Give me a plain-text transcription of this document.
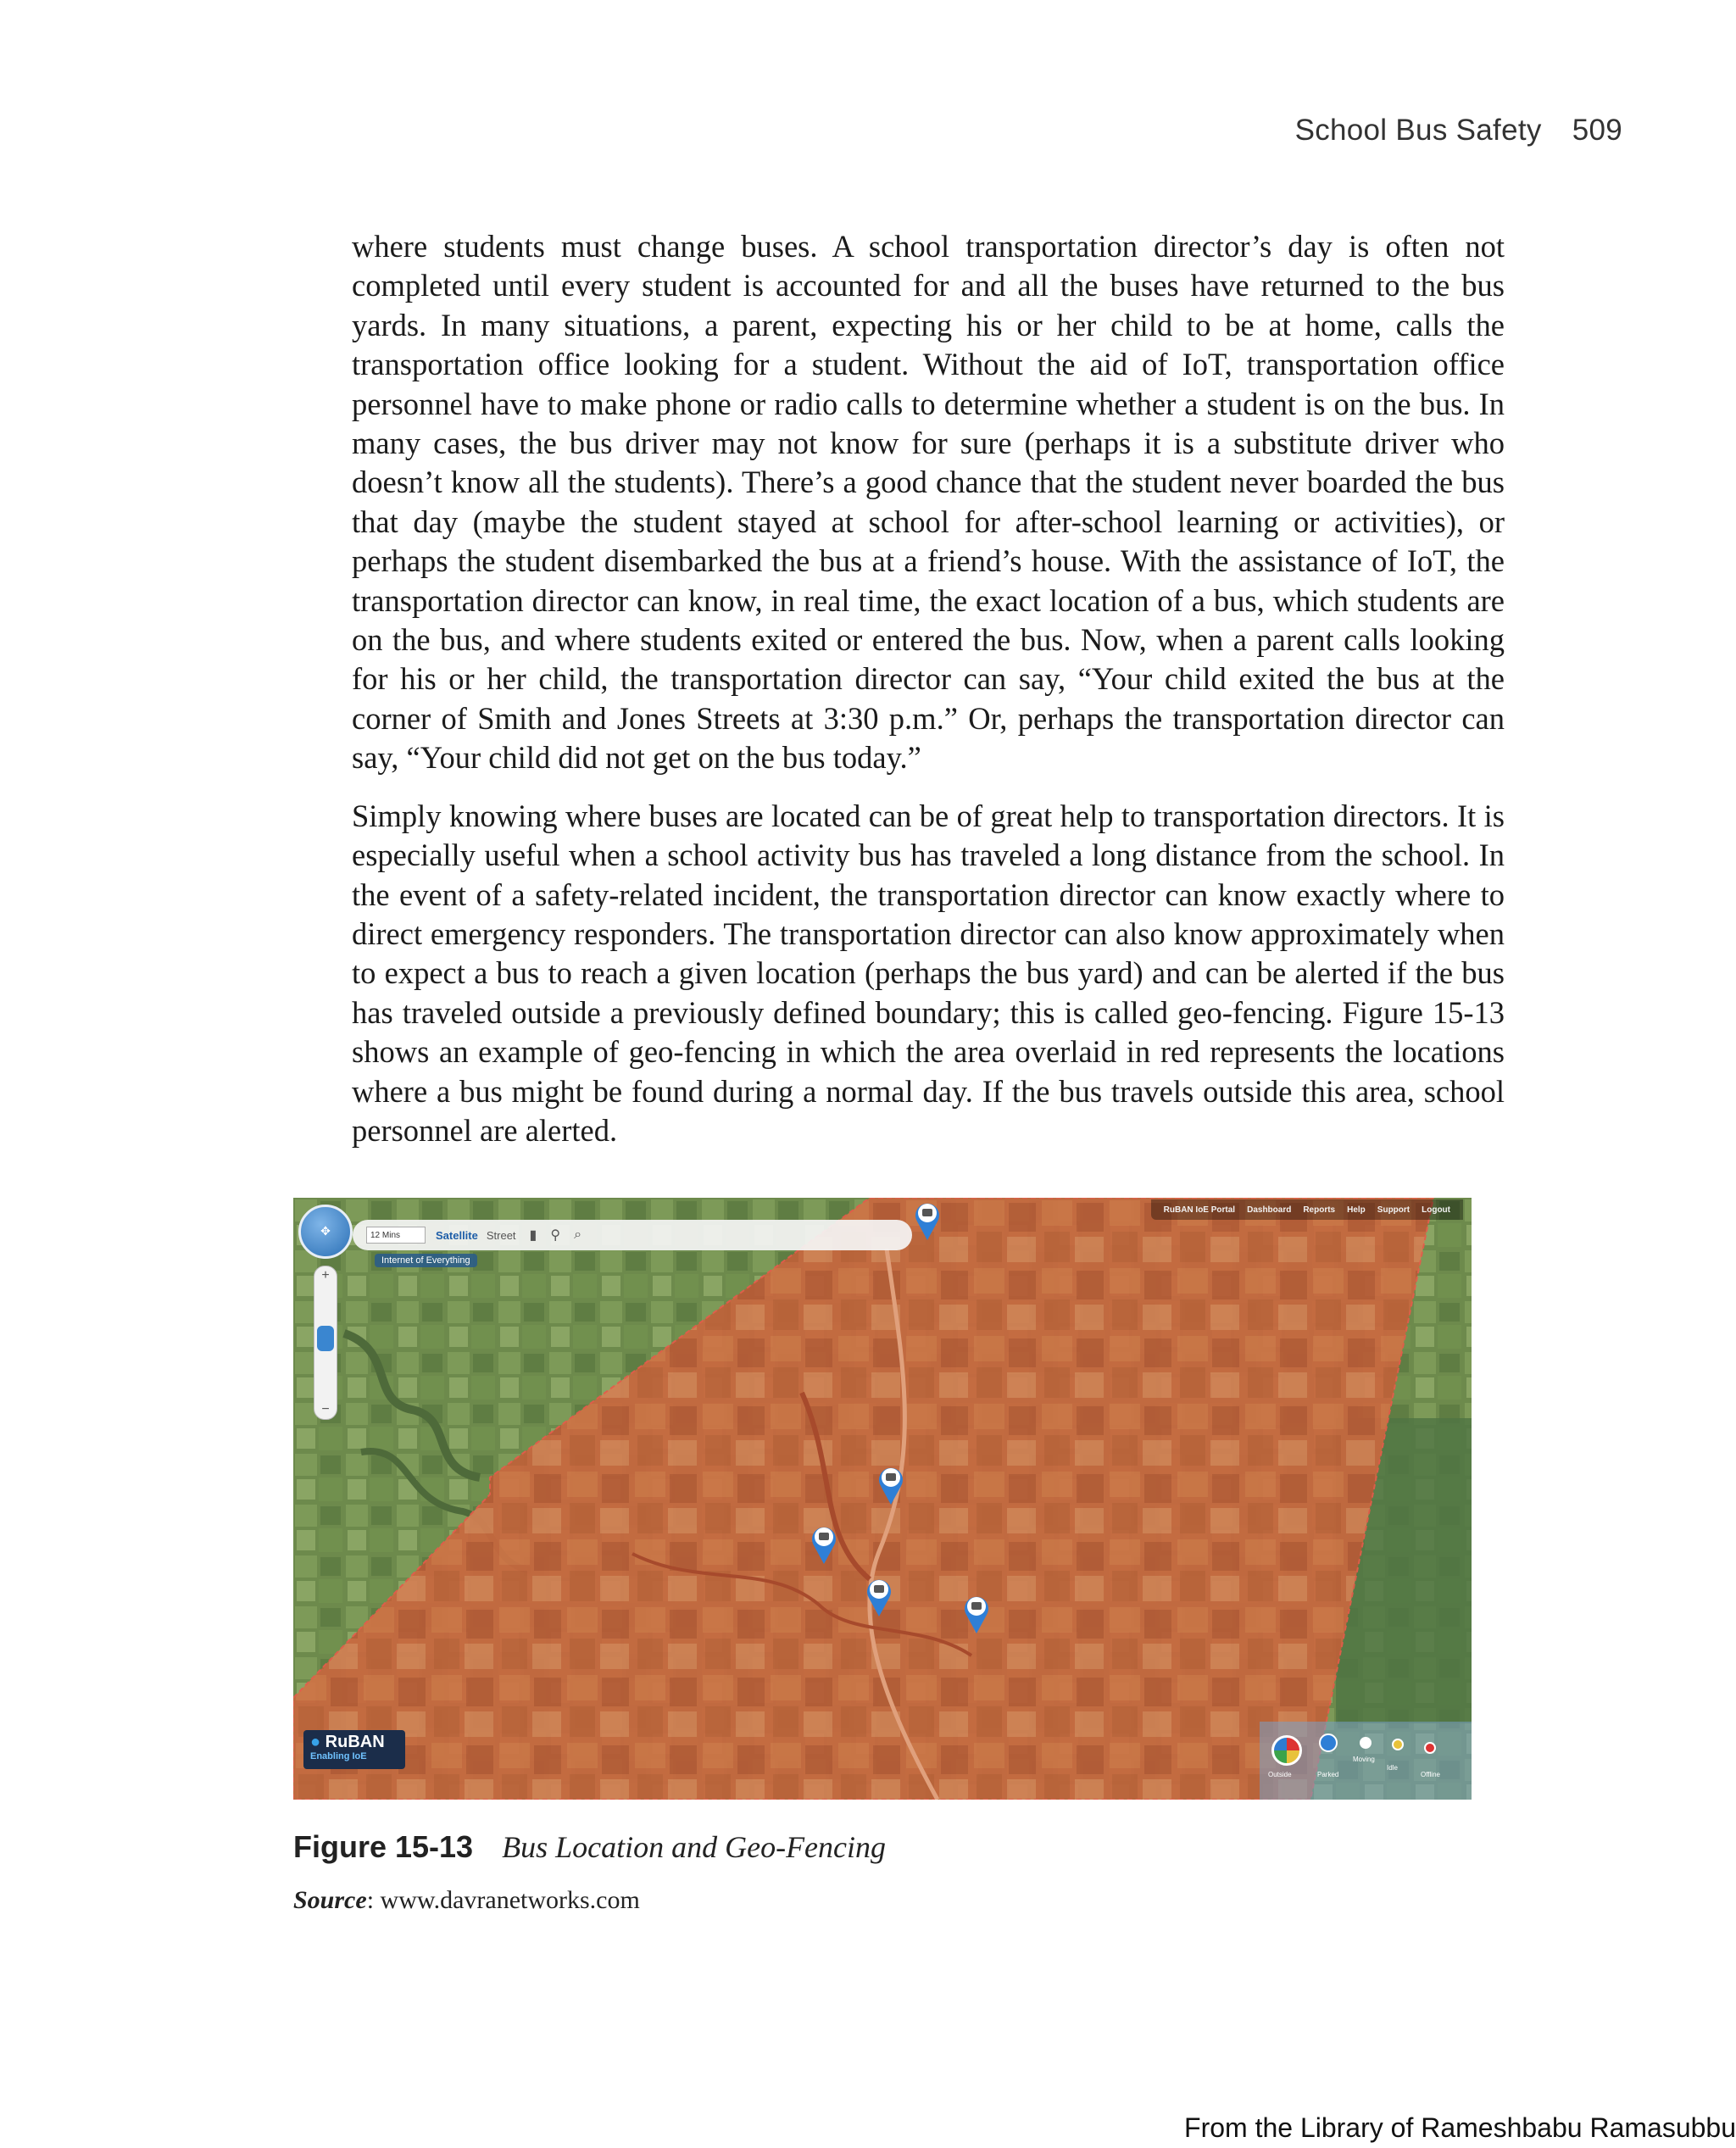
School Bus Safety 509

where students must change buses. A school transportation director’s day is often not completed until every student is accounted for and all the buses have returned to the bus yards. In many situations, a parent, expecting his or her child to be at home, calls the transportation office looking for a student. Without the aid of IoT, transportation office personnel have to make phone or radio calls to determine whether a student is on the bus. In many cases, the bus driver may not know for sure (perhaps it is a substitute driver who doesn’t know all the students). There’s a good chance that the student never boarded the bus that day (maybe the student stayed at school for after-school learning or activities), or perhaps the student disembarked the bus at a friend’s house. With the assistance of IoT, the transportation director can know, in real time, the exact location of a bus, which students are on the bus, and where students exited or entered the bus. Now, when a parent calls looking for his or her child, the transportation director can say, “Your child exited the bus at the corner of Smith and Jones Streets at 3:30 p.m.” Or, perhaps the transportation director can say, “Your child did not get on the bus today.”

Simply knowing where buses are located can be of great help to transportation directors. It is especially useful when a school activity bus has traveled a long distance from the school. In the event of a safety-related incident, the transportation director can know exactly where to direct emergency responders. The transportation director can also know approximately when to expect a bus to reach a given location (perhaps the bus yard) and can be alerted if the bus has traveled outside a previously defined boundary; this is called geo-fencing. Figure 15-13 shows an example of geo-fencing in which the area overlaid in red represents the locations where a bus might be found during a normal day. If the bus travels outside this area, school personnel are alerted.

✥
+
−
12 Mins	Satellite Street ▮ ⚲ ⌕
Internet of Everything
RuBAN IoE Portal Dashboard Reports Help Support Logout
● RuBAN
Enabling IoE
Outside	Parked
Moving
Idle
Offline
Figure 15-13 Bus Location and Geo-Fencing
Source: www.davranetworks.com
From the Library of Rameshbabu Ramasubbu
